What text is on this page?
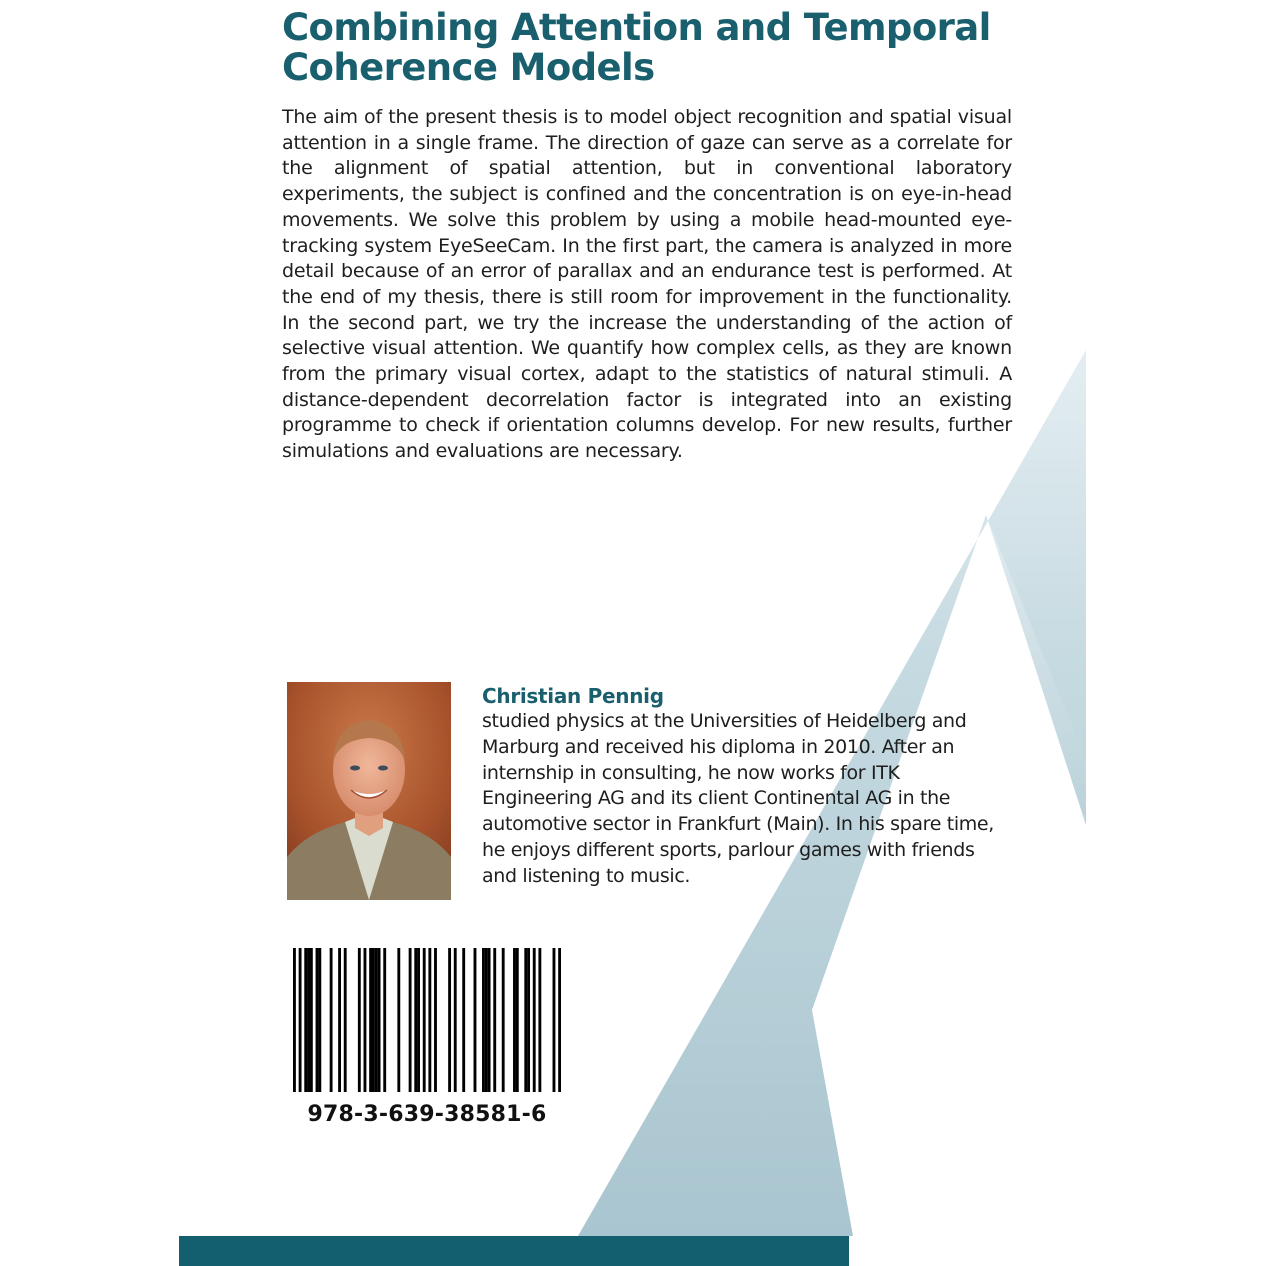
Combining Attention and Temporal Coherence Models

The aim of the present thesis is to model object recognition and spatial visual attention in a single frame. The direction of gaze can serve as a correlate for the alignment of spatial attention, but in conventional laboratory experiments, the subject is confined and the concentration is on eye-in-head movements. We solve this problem by using a mobile head-mounted eye-tracking system EyeSeeCam. In the first part, the camera is analyzed in more detail because of an error of parallax and an endurance test is performed. At the end of my thesis, there is still room for improvement in the functionality. In the second part, we try the increase the understanding of the action of selective visual attention. We quantify how complex cells, as they are known from the primary visual cortex, adapt to the statistics of natural stimuli. A distance-dependent decorrelation factor is integrated into an existing programme to check if orientation columns develop. For new results, further simulations and evaluations are necessary.

Christian Pennig

studied physics at the Universities of Heidelberg and Marburg and received his diploma in 2010. After an internship in consulting, he now works for ITK Engineering AG and its client Continental AG in the automotive sector in Frankfurt (Main). In his spare time, he enjoys different sports, parlour games with friends and listening to music.

978-3-639-38581-6
